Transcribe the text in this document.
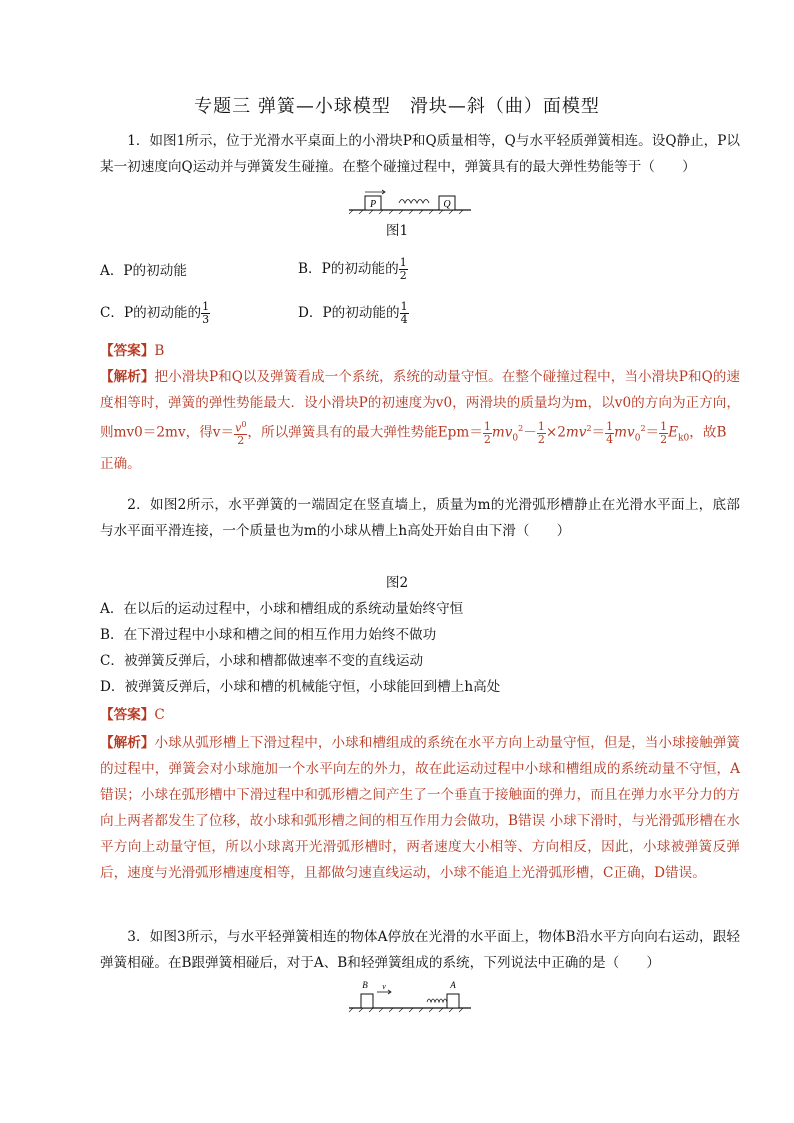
专题三 弹簧—小球模型　滑块—斜（曲）面模型
1．如图1所示，位于光滑水平桌面上的小滑块P和Q质量相等，Q与水平轻质弹簧相连。设Q静止，P以某一初速度向Q运动并与弹簧发生碰撞。在整个碰撞过程中，弹簧具有的最大弹性势能等于（　　）
P	Q
图1
A．P的初动能	B．P的初动能的 $\frac{1}{2}$
C．P的初动能的 $\frac{1}{3}$	D．P的初动能的 $\frac{1}{4}$
【答案】B
【解析】把小滑块P和Q以及弹簧看成一个系统，系统的动量守恒。在整个碰撞过程中，当小滑块P和Q的速度相等时，弹簧的弹性势能最大．设小滑块P的初速度为v0，两滑块的质量均为m，以v0的方向为正方向，则mv0＝2mv，得$v= \frac{v^0}{2}$ ，所以弹簧具有的最大弹性势能$Epm= \frac{1}{2} mv_0^2- \frac{1}{2} \times 2mv^2= \frac{1}{4} mv_0^2= \frac{1}{2} E_{k0}$，故B
正确。
2．如图2所示，水平弹簧的一端固定在竖直墙上，质量为m的光滑弧形槽静止在光滑水平面上，底部与水平面平滑连接，一个质量也为m的小球从槽上h高处开始自由下滑（　　）
图2
A．在以后的运动过程中，小球和槽组成的系统动量始终守恒
B．在下滑过程中小球和槽之间的相互作用力始终不做功
C．被弹簧反弹后，小球和槽都做速率不变的直线运动
D．被弹簧反弹后，小球和槽的机械能守恒，小球能回到槽上h高处
【答案】C
【解析】小球从弧形槽上下滑过程中，小球和槽组成的系统在水平方向上动量守恒，但是，当小球接触弹簧的过程中，弹簧会对小球施加一个水平向左的外力，故在此运动过程中小球和槽组成的系统动量不守恒，A错误；小球在弧形槽中下滑过程中和弧形槽之间产生了一个垂直于接触面的弹力，而且在弹力水平分力的方向上两者都发生了位移，故小球和弧形槽之间的相互作用力会做功，B错误 小球下滑时，与光滑弧形槽在水平方向上动量守恒，所以小球离开光滑弧形槽时，两者速度大小相等、方向相反，因此，小球被弹簧反弹后，速度与光滑弧形槽速度相等，且都做匀速直线运动，小球不能追上光滑弧形槽，C正确，D错误。
3．如图3所示，与水平轻弹簧相连的物体A停放在光滑的水平面上，物体B沿水平方向向右运动，跟轻弹簧相碰。在B跟弹簧相碰后，对于A、B和轻弹簧组成的系统，下列说法中正确的是（　　）
B v	A
